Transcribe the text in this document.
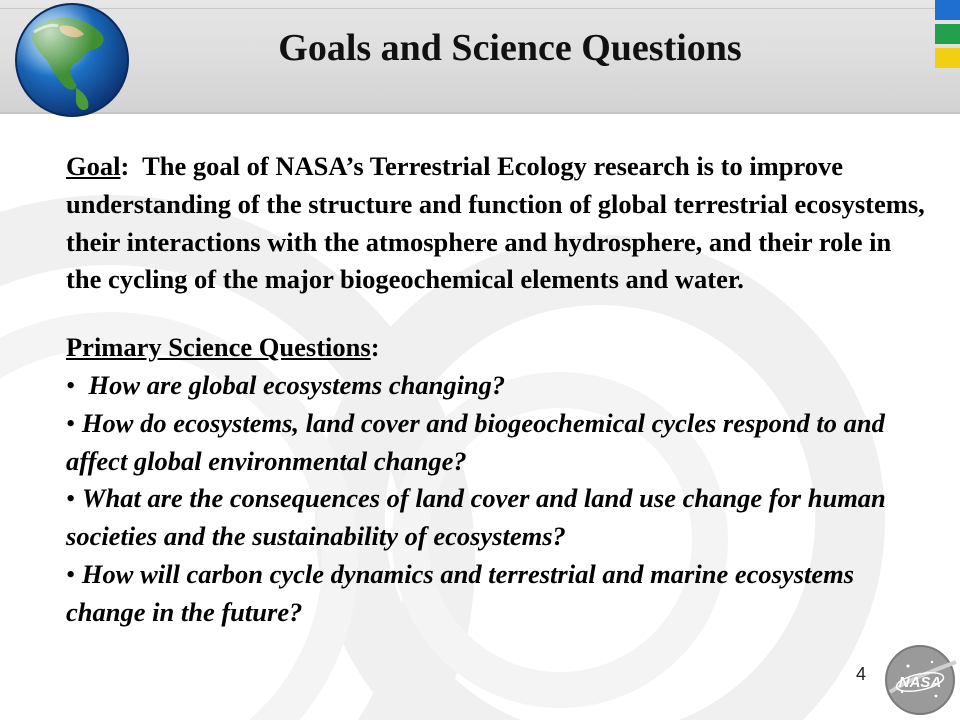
Goals and Science Questions

Goal:  The goal of NASA’s Terrestrial Ecology research is to improve understanding of the structure and function of global terrestrial ecosystems, their interactions with the atmosphere and hydrosphere, and their role in the cycling of the major biogeochemical elements and water.

Primary Science Questions:

•  How are global ecosystems changing?

• How do ecosystems, land cover and biogeochemical cycles respond to and affect global environmental change?

• What are the consequences of land cover and land use change for human societies and the sustainability of ecosystems?

• How will carbon cycle dynamics and terrestrial and marine ecosystems change in the future?

4	NASA
